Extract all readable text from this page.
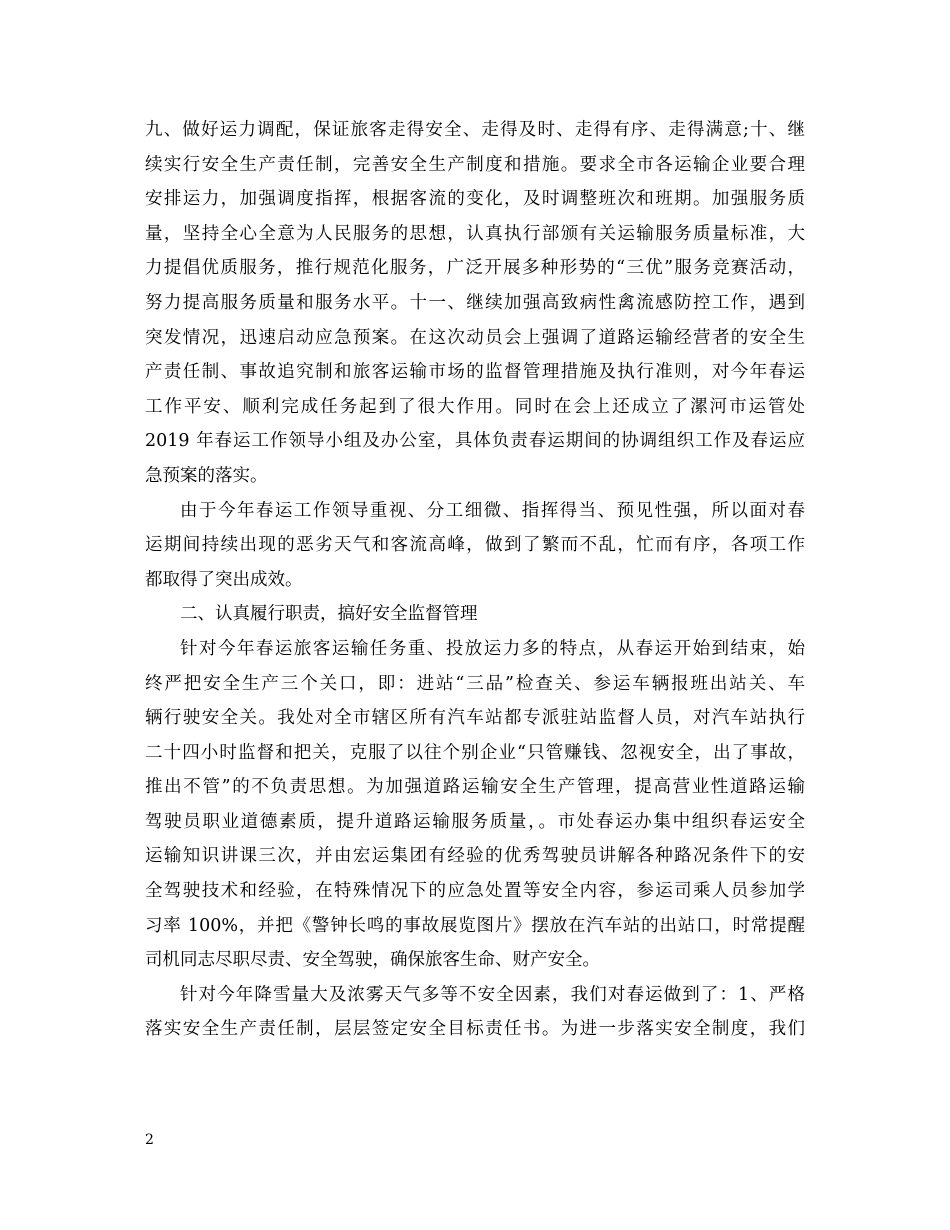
九、做好运力调配，保证旅客走得安全、走得及时、走得有序、走得满意;十、继
续实行安全生产责任制，完善安全生产制度和措施。要求全市各运输企业要合理
安排运力，加强调度指挥，根据客流的变化，及时调整班次和班期。加强服务质
量，坚持全心全意为人民服务的思想，认真执行部颁有关运输服务质量标准，大
力提倡优质服务，推行规范化服务，广泛开展多种形势的“三优”服务竞赛活动，
努力提高服务质量和服务水平。十一、继续加强高致病性禽流感防控工作，遇到
突发情况，迅速启动应急预案。在这次动员会上强调了道路运输经营者的安全生
产责任制、事故追究制和旅客运输市场的监督管理措施及执行准则，对今年春运
工作平安、顺利完成任务起到了很大作用。同时在会上还成立了漯河市运管处
2019 年春运工作领导小组及办公室，具体负责春运期间的协调组织工作及春运应
急预案的落实。
由于今年春运工作领导重视、分工细微、指挥得当、预见性强，所以面对春
运期间持续出现的恶劣天气和客流高峰，做到了繁而不乱，忙而有序，各项工作
都取得了突出成效。
二、认真履行职责，搞好安全监督管理
针对今年春运旅客运输任务重、投放运力多的特点，从春运开始到结束，始
终严把安全生产三个关口，即：进站“三品”检查关、参运车辆报班出站关、车
辆行驶安全关。我处对全市辖区所有汽车站都专派驻站监督人员，对汽车站执行
二十四小时监督和把关，克服了以往个别企业“只管赚钱、忽视安全，出了事故，
推出不管”的不负责思想。为加强道路运输安全生产管理，提高营业性道路运输
驾驶员职业道德素质，提升道路运输服务质量，。市处春运办集中组织春运安全
运输知识讲课三次，并由宏运集团有经验的优秀驾驶员讲解各种路况条件下的安
全驾驶技术和经验，在特殊情况下的应急处置等安全内容，参运司乘人员参加学
习率 100%，并把《警钟长鸣的事故展览图片》摆放在汽车站的出站口，时常提醒
司机同志尽职尽责、安全驾驶，确保旅客生命、财产安全。
针对今年降雪量大及浓雾天气多等不安全因素，我们对春运做到了：1、严格
落实安全生产责任制，层层签定安全目标责任书。为进一步落实安全制度，我们
2
